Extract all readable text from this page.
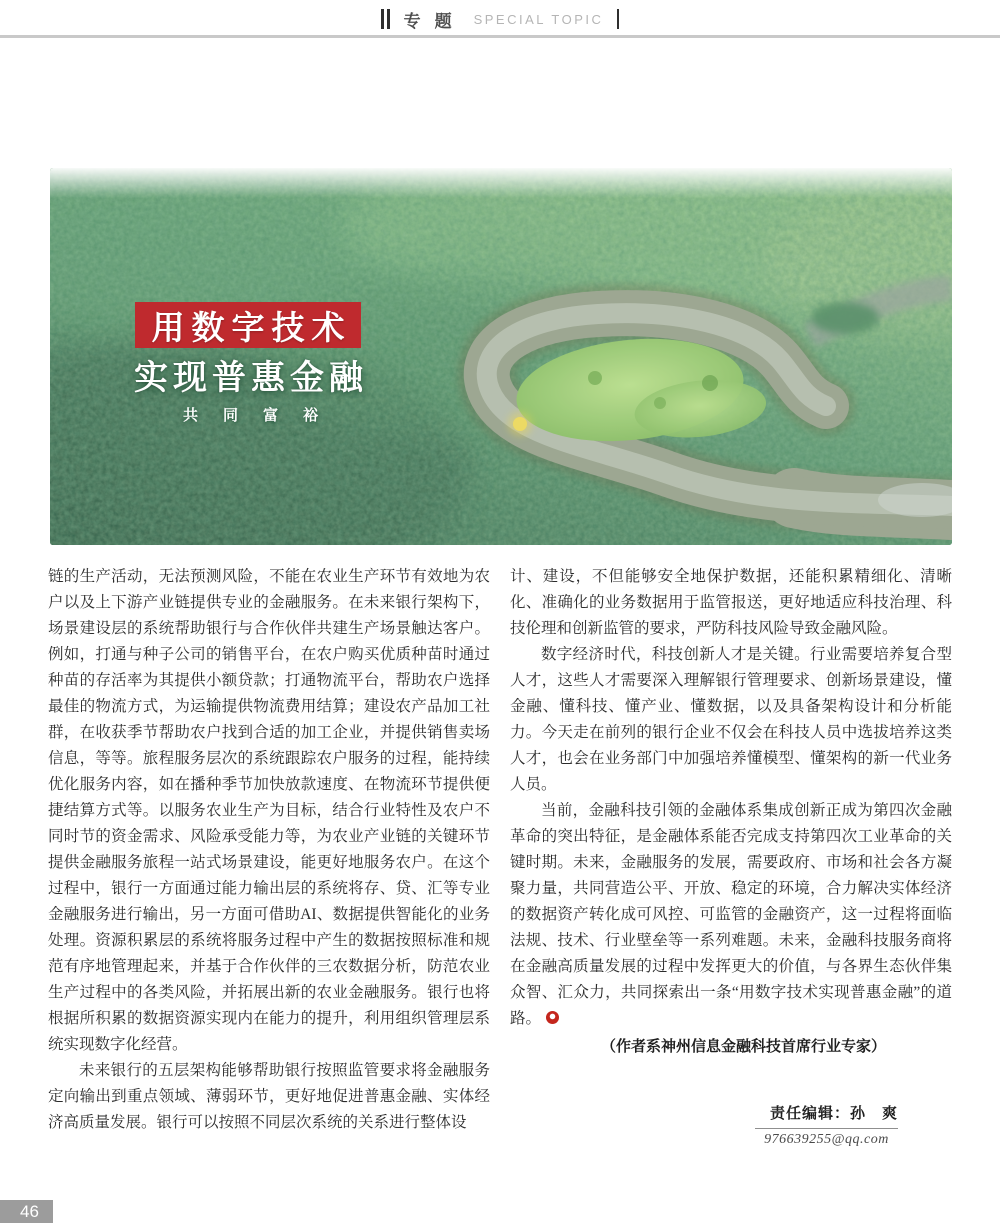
专题 SPECIAL TOPIC
用数字技术
实现普惠金融
共同富裕

链的生产活动，无法预测风险，不能在农业生产环节有效地为农户以及上下游产业链提供专业的金融服务。在未来银行架构下，场景建设层的系统帮助银行与合作伙伴共建生产场景触达客户。例如，打通与种子公司的销售平台，在农户购买优质种苗时通过种苗的存活率为其提供小额贷款；打通物流平台，帮助农户选择最佳的物流方式，为运输提供物流费用结算；建设农产品加工社群，在收获季节帮助农户找到合适的加工企业，并提供销售卖场信息，等等。旅程服务层次的系统跟踪农户服务的过程，能持续优化服务内容，如在播种季节加快放款速度、在物流环节提供便捷结算方式等。以服务农业生产为目标，结合行业特性及农户不同时节的资金需求、风险承受能力等，为农业产业链的关键环节提供金融服务旅程一站式场景建设，能更好地服务农户。在这个过程中，银行一方面通过能力输出层的系统将存、贷、汇等专业金融服务进行输出，另一方面可借助AI、数据提供智能化的业务处理。资源积累层的系统将服务过程中产生的数据按照标准和规范有序地管理起来，并基于合作伙伴的三农数据分析，防范农业生产过程中的各类风险，并拓展出新的农业金融服务。银行也将根据所积累的数据资源实现内在能力的提升，利用组织管理层系统实现数字化经营。

未来银行的五层架构能够帮助银行按照监管要求将金融服务定向输出到重点领域、薄弱环节，更好地促进普惠金融、实体经济高质量发展。银行可以按照不同层次系统的关系进行整体设

计、建设，不但能够安全地保护数据，还能积累精细化、清晰化、准确化的业务数据用于监管报送，更好地适应科技治理、科技伦理和创新监管的要求，严防科技风险导致金融风险。

数字经济时代，科技创新人才是关键。行业需要培养复合型人才，这些人才需要深入理解银行管理要求、创新场景建设，懂金融、懂科技、懂产业、懂数据，以及具备架构设计和分析能力。今天走在前列的银行企业不仅会在科技人员中选拔培养这类人才，也会在业务部门中加强培养懂模型、懂架构的新一代业务人员。

当前，金融科技引领的金融体系集成创新正成为第四次金融革命的突出特征，是金融体系能否完成支持第四次工业革命的关键时期。未来，金融服务的发展，需要政府、市场和社会各方凝聚力量，共同营造公平、开放、稳定的环境，合力解决实体经济的数据资产转化成可风控、可监管的金融资产，这一过程将面临法规、技术、行业壁垒等一系列难题。未来，金融科技服务商将在金融高质量发展的过程中发挥更大的价值，与各界生态伙伴集众智、汇众力，共同探索出一条“用数字技术实现普惠金融”的道路。

（作者系神州信息金融科技首席行业专家）

责任编辑：孙　爽
976639255@qq.com
46
